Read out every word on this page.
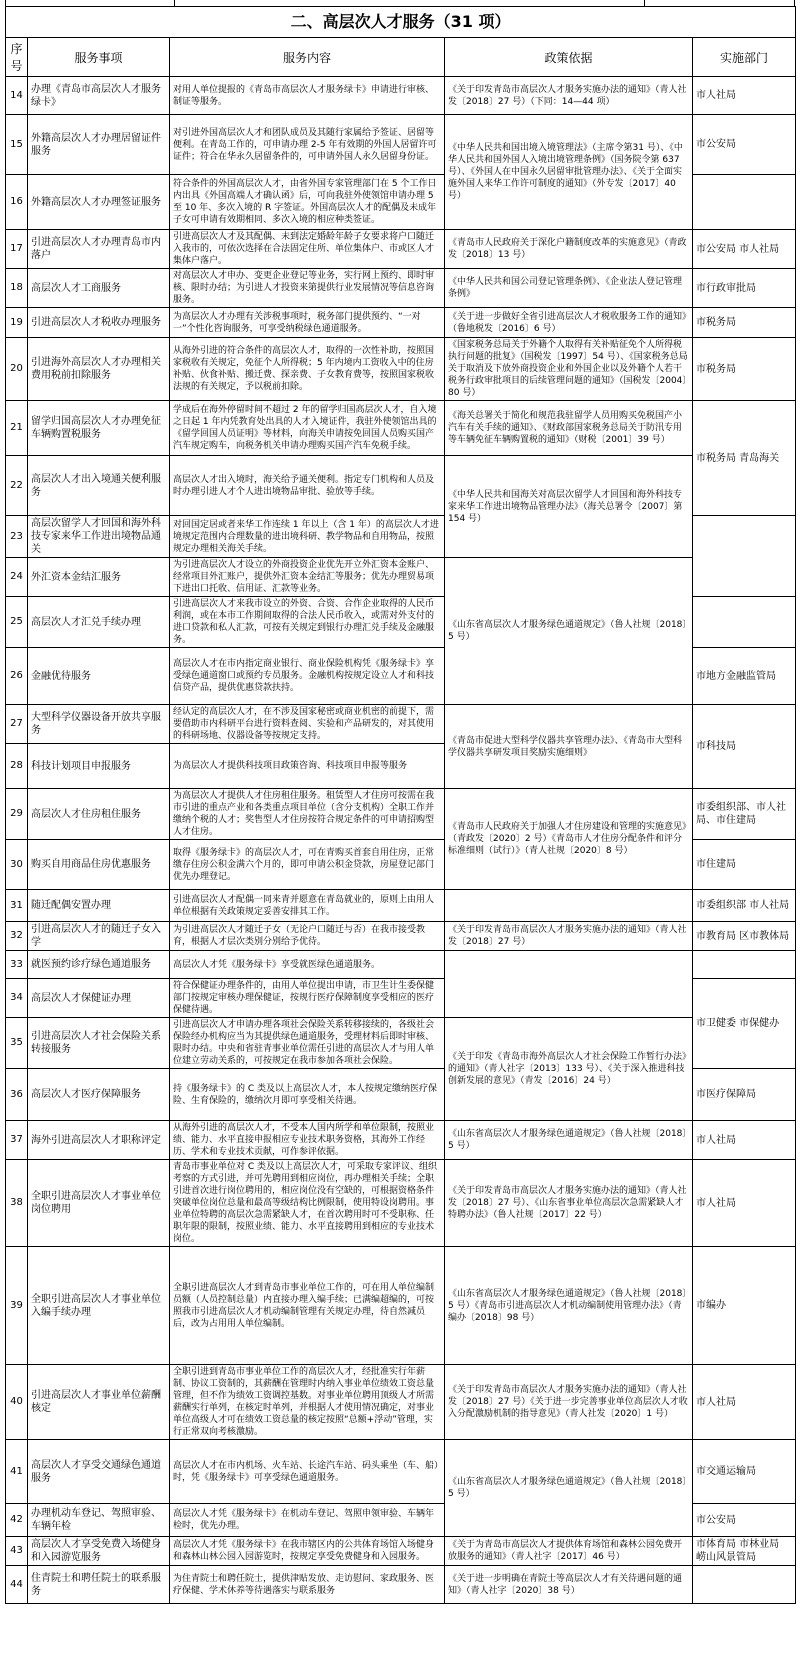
二、高层次人才服务（31 项）				
序号	服务事项	服务内容	政策依据	实施部门
14	办理《青岛市高层次人才服务绿卡》	对用人单位提报的《青岛市高层次人才服务绿卡》申请进行审核、制证等服务。	《关于印发青岛市高层次人才服务实施办法的通知》（青人社发〔2018〕27 号）（下同：14—44 项）	市人社局
15	外籍高层次人才办理居留证件服务	对引进外国高层次人才和团队成员及其随行家属给予签证、居留等便利。在青岛工作的，可申请办理 2-5 年有效期的外国人居留许可证件；符合在华永久居留条件的，可申请外国人永久居留身份证。	《中华人民共和国出境入境管理法》（主席令第31 号）、《中华人民共和国外国人入境出境管理条例》（国务院令第 637 号）、《外国人在中国永久居留审批管理办法》、《关于全面实施外国人来华工作许可制度的通知》（外专发〔2017〕40 号）	市公安局
16	外籍高层次人才办理签证服务	符合条件的外国高层次人才，由省外国专家管理部门在 5 个工作日内出具《外国高端人才确认函》后，可向我驻外使领馆申请办理 5 至 10 年、多次入境的 R 字签证。外国高层次人才的配偶及未成年子女可申请有效期相同、多次入境的相应种类签证。		
17	引进高层次人才办理青岛市内落户	引进高层次人才及其配偶、未到法定婚龄年龄子女要求将户口随迁入我市的，可依次选择在合法固定住所、单位集体户、市或区人才集体户落户。	《青岛市人民政府关于深化户籍制度改革的实施意见》（青政发〔2018〕13 号）	市公安局 市人社局
18	高层次人才工商服务	对高层次人才申办、变更企业登记等业务，实行网上预约、即时审核、限时办结；为引进人才投资来第提供行业发展情况等信息咨询服务。	《中华人民共和国公司登记管理条例》、《企业法人登记管理条例》	市行政审批局
19	引进高层次人才税收办理服务	为高层次人才办理有关涉税事项时，税务部门提供预约、“一对一”个性化咨询服务，可享受纳税绿色通道服务。	《关于进一步做好全省引进高层次人才税收服务工作的通知》（鲁地税发〔2016〕6 号）	市税务局
20	引进海外高层次人才办理相关费用税前扣除服务	从海外引进的符合条件的高层次人才，取得的一次性补助，按照国家税收有关规定，免征个人所得税；5 年内境内工资收入中的住房补贴、伙食补贴、搬迁费、探亲费、子女教育费等，按照国家税收法规的有关规定，予以税前扣除。	《国家税务总局关于外籍个人取得有关补贴征免个人所得税执行问题的批复》（国税发〔1997〕54 号）、《国家税务总局关于取消及下放外商投资企业和外国企业以及外籍个人若干税务行政审批项目的后续管理问题的通知》（国税发〔2004〕80 号）	市税务局
21	留学归国高层次人才办理免征车辆购置税服务	学成后在海外停留时间不超过 2 年的留学归国高层次人才，自入境之日起 1 年内凭教育处出具的人才入境证件，我驻外使领馆出具的《留学回国人员证明》等材料，向海关申请按免回国人员购买国产汽车规定购车，向税务机关申请办理购买国产汽车免税手续。	《海关总署关于简化和规范我驻留学人员用购买免税国产小汽车有关手续的通知》、《财政部国家税务总局关于防汛专用等车辆免征车辆购置税的通知》（财税〔2001〕39 号）	市税务局 青岛海关
22	高层次人才出入境通关便利服务	高层次人才出入境时，海关给予通关便利。指定专门机构和人员及时办理引进人才个人进出境物品审批、验放等手续。	《中华人民共和国海关对高层次留学人才回国和海外科技专家来华工作进出境物品管理办法》（海关总署令〔2007〕第 154 号）	
23	高层次留学人才回国和海外科技专家来华工作进出境物品通关	对回国定居或者来华工作连续 1 年以上（含 1 年）的高层次人才进境规定范围内合理数量的进出境科研、教学物品和自用物品，按照规定办理相关海关手续。		
24	外汇资本金结汇服务	为引进高层次人才设立的外商投资企业优先开立外汇资本金账户、经常项目外汇账户，提供外汇资本金结汇等服务；优先办理贸易项下进出口托收、信用证、汇款等业务。	《山东省高层次人才服务绿色通道规定》（鲁人社规〔2018〕5 号）	
25	高层次人才汇兑手续办理	引进高层次人才来我市设立的外资、合资、合作企业取得的人民币利润，或在本市工作期间取得的合法人民币收入，或需对外支付的进口贷款和私人汇款，可按有关规定到银行办理汇兑手续及金融服务。		
26	金融优待服务	高层次人才在市内指定商业银行、商业保险机构凭《服务绿卡》享受绿色通道窗口或预约专员服务。金融机构按规定设立人才和科技信贷产品，提供优惠贷款扶持。		市地方金融监管局
27	大型科学仪器设备开放共享服务	经认定的高层次人才，在不涉及国家秘密或商业机密的前提下，需要借助市内科研平台进行资料查阅、实验和产品研发的，对其使用的科研场地、仪器设备等按规定支持。	《青岛市促进大型科学仪器共享管理办法》、《青岛市大型科学仪器共享研发项目奖励实施细则》	市科技局
28	科技计划项目申报服务	为高层次人才提供科技项目政策咨询、科技项目申报等服务		
29	高层次人才住房租住服务	为高层次人才提供人才住房租住服务。租赁型人才住房可按需在我市引进的重点产业和各类重点项目单位（含分支机构）全职工作并缴纳个税的人才；奖售型人才住房按符合规定条件的可申请招购型人才住房。	《青岛市人民政府关于加强人才住房建设和管理的实施意见》（青政发〔2020〕2 号）《青岛市人才住房分配条件和评分标准细则（试行）》（青人社规〔2020〕8 号）	市委组织部、市人社局、市住建局
30	购买自用商品住房优惠服务	取得《服务绿卡》的高层次人才，可在青购买首套自用住房，正常缴存住房公积金满六个月的，即可申请公积金贷款，房屋登记部门优先办理登记。		市住建局
31	随迁配偶安置办理	引进高层次人才配偶一同来青并愿意在青岛就业的，原则上由用人单位根据有关政策规定妥善安排其工作。		市委组织部 市人社局
32	引进高层次人才的随迁子女入学	为引进高层次人才随迁子女（无论户口随迁与否）在我市接受教育，根据人才层次类别分别给予优待。	《关于印发青岛市高层次人才服务实施办法的通知》（青人社发〔2018〕27 号）	市教育局 区市教体局
33	就医预约诊疗绿色通道服务	高层次人才凭《服务绿卡》享受就医绿色通道服务。		
34	高层次人才保健证办理	符合保健证办理条件的，由用人单位提出申请，市卫生计生委保健部门按规定审核办理保健证，按规行医疗保障制度享受相应的医疗保健待遇。		市卫健委 市保健办
35	引进高层次人才社会保险关系转接服务	引进高层次人才申请办理各项社会保险关系转移接续的，各级社会保险经办机构应当为其提供绿色通道服务，受理材料后即时审核、限时办结。中央和省驻青事业单位需任引进的高层次人才与用人单位建立劳动关系的，可按规定在我市参加各项社会保险。	《关于印发《青岛市海外高层次人才社会保险工作暂行办法》的通知》（青人社字〔2013〕133 号）、《关于深入推进科技创新发展的意见》（青发〔2016〕24 号）	
36	高层次人才医疗保障服务	持《服务绿卡》的 C 类及以上高层次人才，本人按规定缴纳医疗保险、生育保险的，缴纳次月即可享受相关待遇。		市医疗保障局
37	海外引进高层次人才职称评定	从海外引进的高层次人才，不受本人国内所学和单位限制，按照业绩、能力、水平直接申报相应专业技术职务资格，其海外工作经历、学术和专业技术贡献，可作参评依据。	《山东省高层次人才服务绿色通道规定》（鲁人社规〔2018〕5 号）	市人社局
38	全职引进高层次人才事业单位岗位聘用	青岛市事业单位对 C 类及以上高层次人才，可采取专家评议、组织考察的方式引进，并可先聘用到相应岗位，再办理相关手续；全职引进首次进行岗位聘用的，相应岗位没有空缺的，可根据资格条件突破单位岗位总量和最高等级结构比例限制，使用特设岗聘用。事业单位特聘的高层次急需紧缺人才，在首次聘用时可不受职称、任职年限的限制，按照业绩、能力、水平直接聘用到相应的专业技术岗位。	《关于印发青岛市高层次人才服务实施办法的通知》（青人社发〔2018〕27 号）、《山东省事业单位高层次急需紧缺人才特聘办法》（鲁人社规〔2017〕22 号）	市人社局
39	全职引进高层次人才事业单位入编手续办理	全职引进高层次人才到青岛市事业单位工作的，可在用人单位编制员额（人员控制总量）内直接办理入编手续；已满编超编的，可按照我市引进高层次人才机动编制管理有关规定办理，待自然减员后，改为占用用人单位编制。	《山东省高层次人才服务绿色通道规定》（鲁人社规〔2018〕5 号）《青岛市引进高层次人才机动编制使用管理办法》（青编办〔2018〕98 号）	市编办
40	引进高层次人才事业单位薪酬核定	全职引进到青岛市事业单位工作的高层次人才，经批准实行年薪制、协议工资制的，其薪酬在管理时内纳入事业单位绩效工资总量管理，但不作为绩效工资调控基数。对事业单位聘用顶级人才所需薪酬实行单列，在核定时单列，并根据人才使用情况确定，对事业单位高级人才可在绩效工资总量的核定按照“总额+浮动”管理，实行正常双向考核激励。	《关于印发青岛市高层次人才服务实施办法的通知》（青人社发〔2018〕27 号）《关于进一步完善事业单位高层次人才收入分配激励机制的指导意见》（青人社发〔2020〕1 号）	市人社局
41	高层次人才享受交通绿色通道服务	高层次人才在市内机场、火车站、长途汽车站、码头乘坐（车、船）时，凭《服务绿卡》可享受绿色通道服务。	《山东省高层次人才服务绿色通道规定》（鲁人社规〔2018〕5 号）	市交通运输局
42	办理机动车登记、驾照审验、车辆年检	高层次人才凭《服务绿卡》在机动车登记、驾照申领审验、车辆年检时，优先办理。		市公安局
43	高层次人才享受免费入场健身和入园游览服务	高层次人才凭《服务绿卡》在我市辖区内的公共体育场馆入场健身和森林山林公园入园游览时，按规定享受免费健身和入园服务。	《关于为青岛市高层次人才提供体育场馆和森林公园免费开放服务的通知》（青人社字〔2017〕46 号）	市体育局 市林业局 崂山风景管局
44	住青院士和聘任院士的联系服务	为住青院士和聘任院士，提供津贴发放、走访慰问、家政服务、医疗保健、学术休养等待遇落实与联系服务	《关于进一步明确在青院士等高层次人才有关待遇问题的通知》（青人社字〔2020〕38 号）	
